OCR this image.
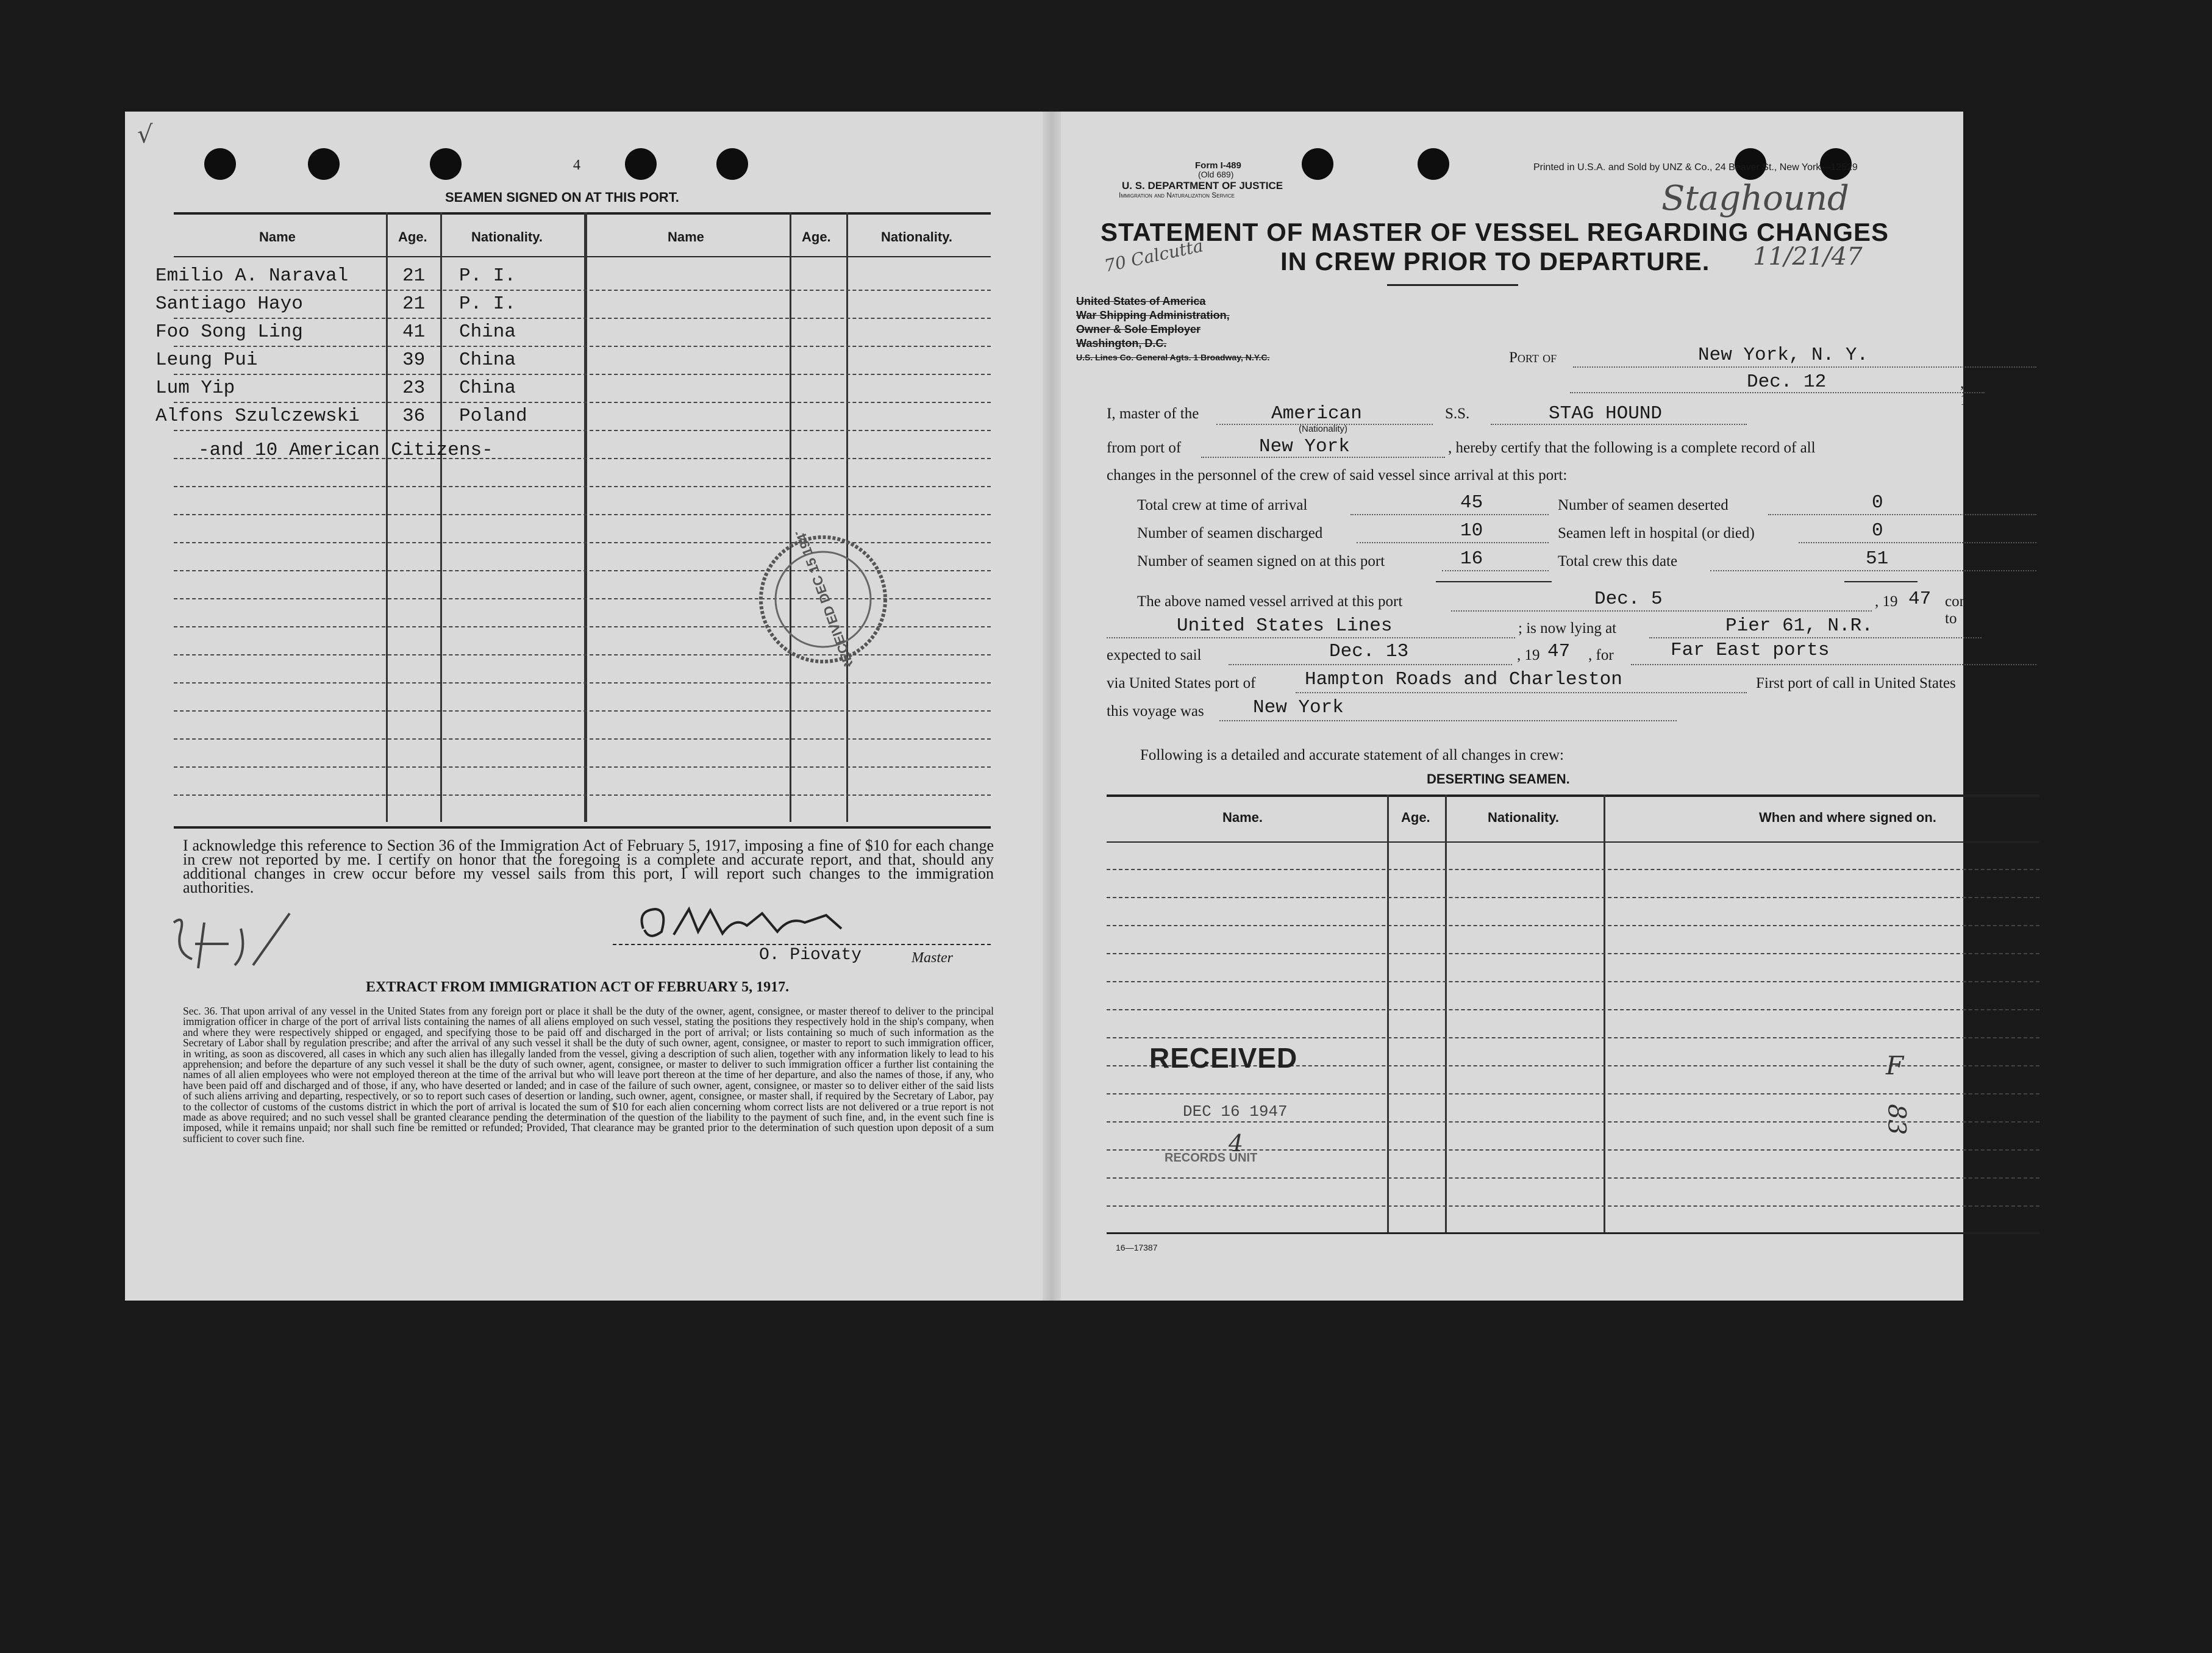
√
4
SEAMEN SIGNED ON AT THIS PORT.
Name	Age.	Nationality.	Name	Age.	Nationality.
Emilio A. Naraval	21 P. I.
Santiago Hayo	21 P. I.
Foo Song Ling	41 China
Leung Pui	39 China
Lum Yip	23 China
Alfons Szulczewski 36 Poland
-and 10 American Citizens-
RECEIVED DEC 15 1947
I acknowledge this reference to Section 36 of the Immigration Act of February 5, 1917, imposing a fine of $10 for each change in crew not reported by me. I certify on honor that the foregoing is a complete and accurate report, and that, should any additional changes in crew occur before my vessel sails from this port, I will report such changes to the immigration authorities.
O. Piovaty	Master
EXTRACT FROM IMMIGRATION ACT OF FEBRUARY 5, 1917.
Sec. 36. That upon arrival of any vessel in the United States from any foreign port or place it shall be the duty of the owner, agent, consignee, or master thereof to deliver to the principal immigration officer in charge of the port of arrival lists containing the names of all aliens employed on such vessel, stating the positions they respectively hold in the ship's company, when and where they were respectively shipped or engaged, and specifying those to be paid off and discharged in the port of arrival; or lists containing so much of such information as the Secretary of Labor shall by regulation prescribe; and after the arrival of any such vessel it shall be the duty of such owner, agent, consignee, or master to report to such immigration officer, in writing, as soon as discovered, all cases in which any such alien has illegally landed from the vessel, giving a description of such alien, together with any information likely to lead to his apprehension; and before the departure of any such vessel it shall be the duty of such owner, agent, consignee, or master to deliver to such immigration officer a further list containing the names of all alien employees who were not employed thereon at the time of the arrival but who will leave port thereon at the time of her departure, and also the names of those, if any, who have been paid off and discharged and of those, if any, who have deserted or landed; and in case of the failure of such owner, agent, consignee, or master so to deliver either of the said lists of such aliens arriving and departing, respectively, or so to report such cases of desertion or landing, such owner, agent, consignee, or master shall, if required by the Secretary of Labor, pay to the collector of customs of the customs district in which the port of arrival is located the sum of $10 for each alien concerning whom correct lists are not delivered or a true report is not made as above required; and no such vessel shall be granted clearance pending the determination of the question of the liability to the payment of such fine, and, in the event such fine is imposed, while it remains unpaid; nor shall such fine be remitted or refunded; Provided, That clearance may be granted prior to the determination of such question upon deposit of a sum sufficient to cover such fine.
Form I-489
(Old 689)
U. S. DEPARTMENT OF JUSTICE
Immigration and Naturalization Service
Printed in U.S.A. and Sold by UNZ & Co., 24 Beaver St., New York—12529
STATEMENT OF MASTER OF VESSEL REGARDING CHANGES
IN CREW PRIOR TO DEPARTURE.
Staghound
11/21/47
70 Calcutta
United States of America
War Shipping Administration,
Owner & Sole Employer
Washington, D.C.
U.S. Lines Co. General Agts. 1 Broadway, N.Y.C.	Port of	New York, N. Y.
Dec. 12	, 19
47
I, master of the	American
(Nationality)
S.S.	STAG HOUND
from port of	New York	, hereby certify that the following is a complete record of all
changes in the personnel of the crew of said vessel since arrival at this port:
Total crew at time of arrival	45
Number of seamen discharged	10
Number of seamen signed on at this port	16
Number of seamen deserted	0
Seamen left in hospital (or died)	0
Total crew this date	51
The above named vessel arrived at this port	Dec. 5	, 19 47 consigned to
United States Lines	; is now lying at	Pier 61, N.R.	, and is
expected to sail	Dec. 13	, 19 47 , for	Far East ports
via United States port of	Hampton Roads and Charleston	First port of call in United States
this voyage was	New York
Following is a detailed and accurate statement of all changes in crew:
DESERTING SEAMEN.
Name.	Age.	Nationality.	When and where signed on.
RECEIVED
DEC 16 1947
RECORDS UNIT
4
F
83
16—17387
